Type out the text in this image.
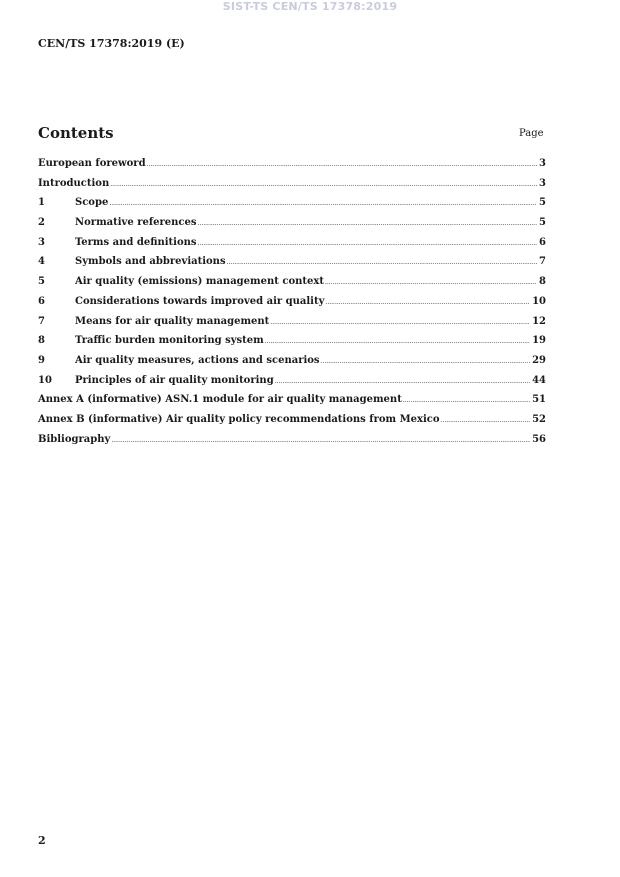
SIST-TS CEN/TS 17378:2019
CEN/TS 17378:2019 (E)
Contents	Page
European foreword .....	3
Introduction .....	3
1	Scope .....	5
2	Normative references .....	5
3	Terms and definitions .....	6
4	Symbols and abbreviations .....	7
5	Air quality (emissions) management context .....	8
6	Considerations towards improved air quality .....	10
7	Means for air quality management .....	12
8	Traffic burden monitoring system .....	19
9	Air quality measures, actions and scenarios .....	29
10	Principles of air quality monitoring .....	44
Annex A (informative) ASN.1 module for air quality management .....	51
Annex B (informative) Air quality policy recommendations from Mexico .....	52
Bibliography .....	56
2
